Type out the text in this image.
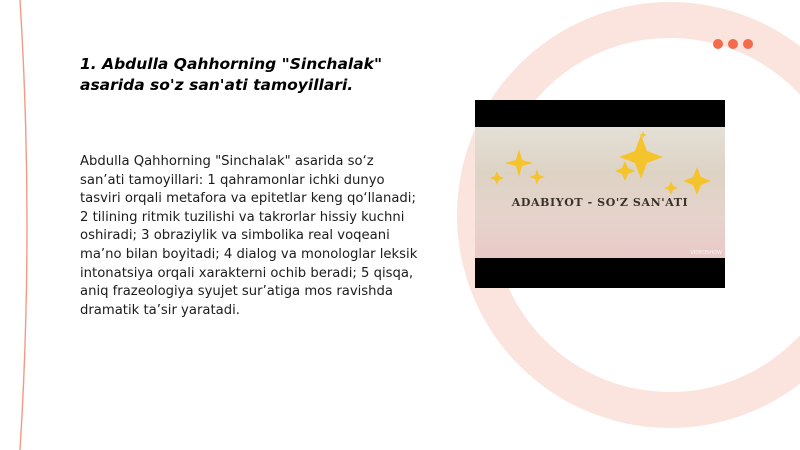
1. Abdulla Qahhorning "Sinchalak" asarida so'z san'ati tamoyillari.

Abdulla Qahhorning "Sinchalak" asarida so‘z san’ati tamoyillari: 1 qahramonlar ichki dunyo tasviri orqali metafora va epitetlar keng qo‘llanadi; 2 tilining ritmik tuzilishi va takrorlar hissiy kuchni oshiradi; 3 obraziylik va simbolika real voqeani ma’no bilan boyitadi; 4 dialog va monologlar leksik intonatsiya orqali xarakterni ochib beradi; 5 qisqa, aniq frazeologiya syujet sur’atiga mos ravishda dramatik ta’sir yaratadi.

ADABIYOT - SO'Z SAN'ATI
VIDEOSHOW
